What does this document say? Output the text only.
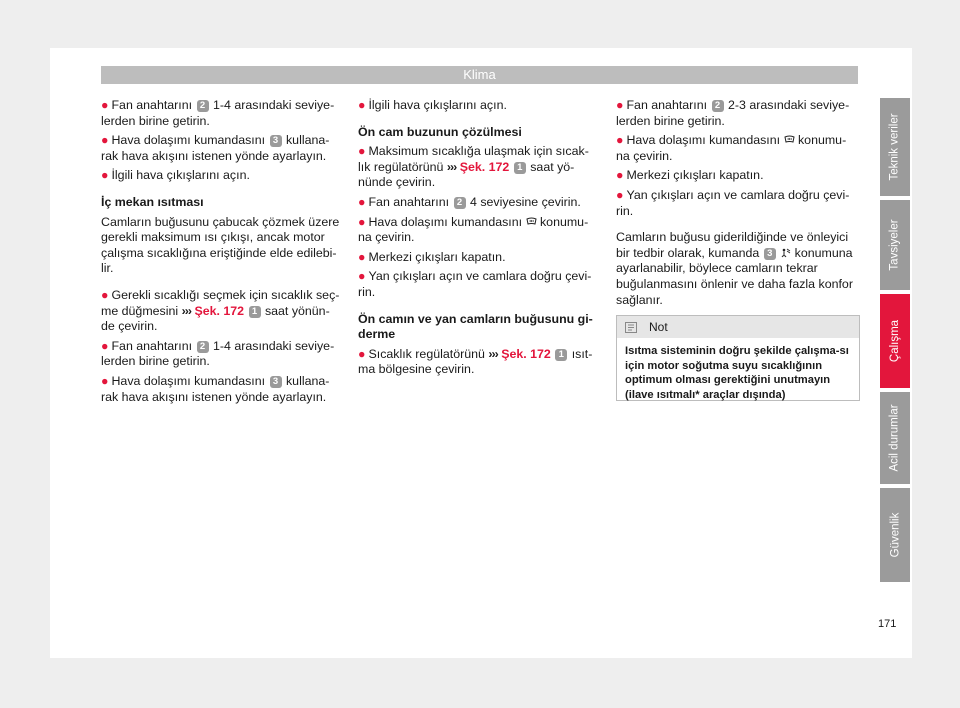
Klima

● Fan anahtarını 2 1-4 arasındaki seviye-lerden birine getirin.

● Hava dolaşımı kumandasını 3 kullana-rak hava akışını istenen yönde ayarlayın.

● İlgili hava çıkışlarını açın.

İç mekan ısıtması

Camların buğusunu çabucak çözmek üzere gerekli maksimum ısı çıkışı, ancak motor çalışma sıcaklığına eriştiğinde elde edilebi-lir.

● Gerekli sıcaklığı seçmek için sıcaklık seç-me düğmesini ››› Şek. 172 1 saat yönün-de çevirin.

● Fan anahtarını 2 1-4 arasındaki seviye-lerden birine getirin.

● Hava dolaşımı kumandasını 3 kullana-rak hava akışını istenen yönde ayarlayın.

● İlgili hava çıkışlarını açın.

Ön cam buzunun çözülmesi

● Maksimum sıcaklığa ulaşmak için sıcak-lık regülatörünü ››› Şek. 172 1 saat yö-nünde çevirin.

● Fan anahtarını 2 4 seviyesine çevirin.

● Hava dolaşımı kumandasını konumu-na çevirin.

● Merkezi çıkışları kapatın.

● Yan çıkışları açın ve camlara doğru çevi-rin.

Ön camın ve yan camların buğusunu gi-derme

● Sıcaklık regülatörünü ››› Şek. 172 1 ısıt-ma bölgesine çevirin.

● Fan anahtarını 2 2-3 arasındaki seviye-lerden birine getirin.

● Hava dolaşımı kumandasını konumu-na çevirin.

● Merkezi çıkışları kapatın.

● Yan çıkışları açın ve camlara doğru çevi-rin.

Camların buğusu giderildiğinde ve önleyici bir tedbir olarak, kumanda 3 konumuna ayarlanabilir, böylece camların tekrar buğulanmasını önlenir ve daha fazla konfor sağlanır.

Not
Isıtma sisteminin doğru şekilde çalışma-sı için motor soğutma suyu sıcaklığının optimum olması gerektiğini unutmayın (ilave ısıtmalı* araçlar dışında)
Teknik veriler
Tavsiyeler
Çalışma
Acil durumlar
Güvenlik
171
